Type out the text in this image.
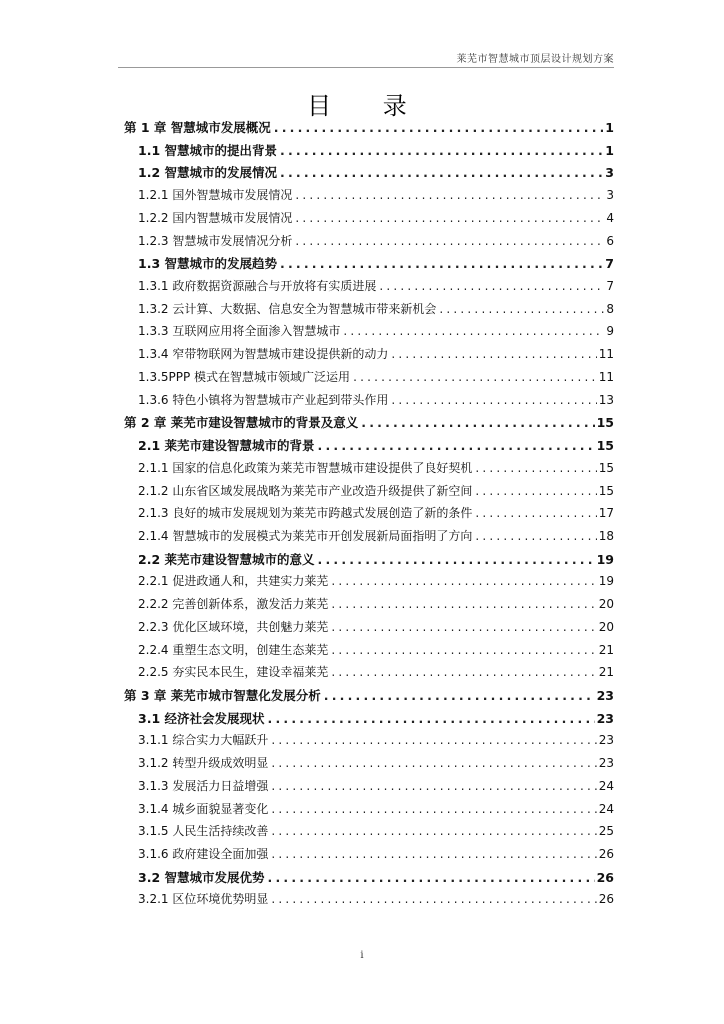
莱芜市智慧城市顶层设计规划方案
目 录
第 1 章 智慧城市发展概况 .....	1
1.1 智慧城市的提出背景 .....	1
1.2 智慧城市的发展情况 .....	3
1.2.1 国外智慧城市发展情况 .....	3
1.2.2 国内智慧城市发展情况 .....	4
1.2.3 智慧城市发展情况分析 .....	6
1.3 智慧城市的发展趋势 .....	7
1.3.1 政府数据资源融合与开放将有实质进展 .....	7
1.3.2 云计算、大数据、信息安全为智慧城市带来新机会 .....	8
1.3.3 互联网应用将全面渗入智慧城市 .....	9
1.3.4 窄带物联网为智慧城市建设提供新的动力 .....	11
1.3.5PPP 模式在智慧城市领域广泛运用 .....	11
1.3.6 特色小镇将为智慧城市产业起到带头作用 .....	13
第 2 章 莱芜市建设智慧城市的背景及意义 .....	15
2.1 莱芜市建设智慧城市的背景 .....	15
2.1.1 国家的信息化政策为莱芜市智慧城市建设提供了良好契机 .....	15
2.1.2 山东省区域发展战略为莱芜市产业改造升级提供了新空间 .....	15
2.1.3 良好的城市发展规划为莱芜市跨越式发展创造了新的条件 .....	17
2.1.4 智慧城市的发展模式为莱芜市开创发展新局面指明了方向 .....	18
2.2 莱芜市建设智慧城市的意义 .....	19
2.2.1 促进政通人和，共建实力莱芜 .....	19
2.2.2 完善创新体系，激发活力莱芜 .....	20
2.2.3 优化区域环境，共创魅力莱芜 .....	20
2.2.4 重塑生态文明，创建生态莱芜 .....	21
2.2.5 夯实民本民生，建设幸福莱芜 .....	21
第 3 章 莱芜市城市智慧化发展分析 .....	23
3.1 经济社会发展现状 .....	23
3.1.1 综合实力大幅跃升 .....	23
3.1.2 转型升级成效明显 .....	23
3.1.3 发展活力日益增强 .....	24
3.1.4 城乡面貌显著变化 .....	24
3.1.5 人民生活持续改善 .....	25
3.1.6 政府建设全面加强 .....	26
3.2 智慧城市发展优势 .....	26
3.2.1 区位环境优势明显 .....	26
i
